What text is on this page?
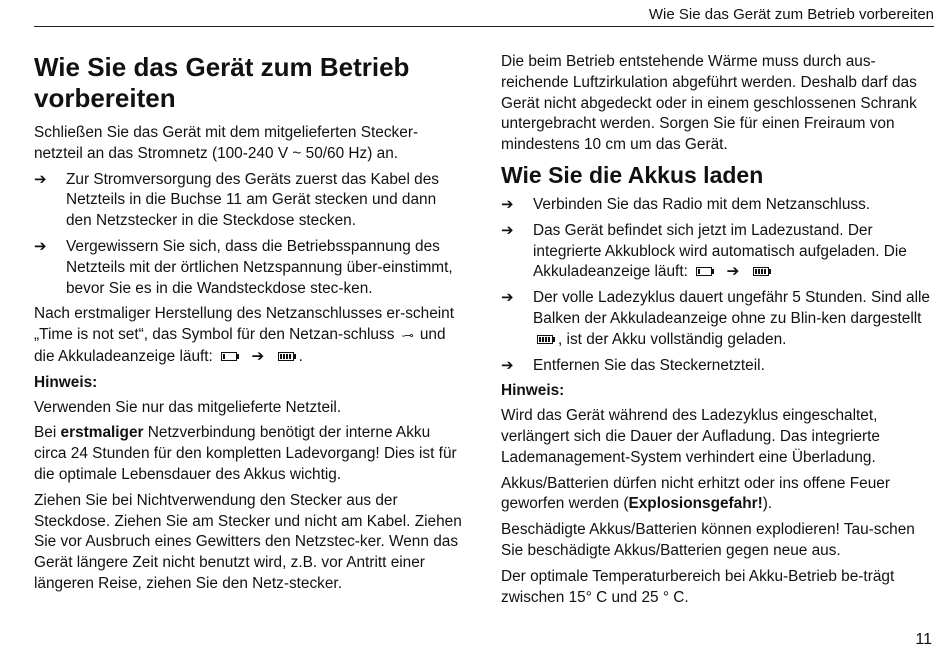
Wie Sie das Gerät zum Betrieb vorbereiten
Wie Sie das Gerät zum Betrieb vorbereiten

Schließen Sie das Gerät mit dem mitgelieferten Stecker-netzteil an das Stromnetz (100-240 V ~ 50/60 Hz) an.

➔	Zur Stromversorgung des Geräts zuerst das Kabel des Netzteils in die Buchse 11 am Gerät stecken und dann den Netzstecker in die Steckdose stecken.
➔	Vergewissern Sie sich, dass die Betriebsspannung des Netzteils mit der örtlichen Netzspannung über-einstimmt, bevor Sie es in die Wandsteckdose stec-ken.

Nach erstmaliger Herstellung des Netzanschlusses er-scheint „Time is not set“, das Symbol für den Netzan-schluss -⊸ und die Akkuladeanzeige läuft:	➔ .

Hinweis:

Verwenden Sie nur das mitgelieferte Netzteil.

Bei erstmaliger Netzverbindung benötigt der interne Akku circa 24 Stunden für den kompletten Ladevorgang! Dies ist für die optimale Lebensdauer des Akkus wichtig.

Ziehen Sie bei Nichtverwendung den Stecker aus der Steckdose. Ziehen Sie am Stecker und nicht am Kabel. Ziehen Sie vor Ausbruch eines Gewitters den Netzstec-ker. Wenn das Gerät längere Zeit nicht benutzt wird, z.B. vor Antritt einer längeren Reise, ziehen Sie den Netz-stecker.

Die beim Betrieb entstehende Wärme muss durch aus-reichende Luftzirkulation abgeführt werden. Deshalb darf das Gerät nicht abgedeckt oder in einem geschlossenen Schrank untergebracht werden. Sorgen Sie für einen Freiraum von mindestens 10 cm um das Gerät.

Wie Sie die Akkus laden
➔	Verbinden Sie das Radio mit dem Netzanschluss.
➔	Das Gerät befindet sich jetzt im Ladezustand. Der integrierte Akkublock wird automatisch aufgeladen. Die Akkuladeanzeige läuft:	➔
➔	Der volle Ladezyklus dauert ungefähr 5 Stunden. Sind alle Balken der Akkuladeanzeige ohne zu Blin-ken dargestellt
, ist der Akku vollständig geladen.
➔	Entfernen Sie das Steckernetzteil.

Hinweis:

Wird das Gerät während des Ladezyklus eingeschaltet, verlängert sich die Dauer der Aufladung. Das integrierte Lademanagement-System verhindert eine Überladung.

Akkus/Batterien dürfen nicht erhitzt oder ins offene Feuer geworfen werden (Explosionsgefahr!).

Beschädigte Akkus/Batterien können explodieren! Tau-schen Sie beschädigte Akkus/Batterien gegen neue aus.

Der optimale Temperaturbereich bei Akku-Betrieb be-trägt zwischen 15° C und 25 ° C.

11
